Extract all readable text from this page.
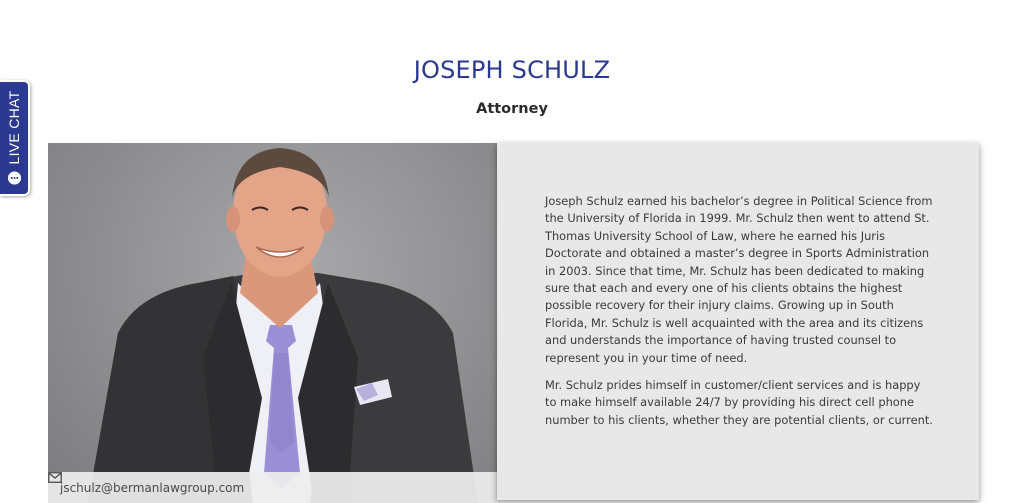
LIVE CHAT
JOSEPH SCHULZ
Attorney
jschulz@bermanlawgroup.com

Joseph Schulz earned his bachelor’s degree in Political Science from the University of Florida in 1999. Mr. Schulz then went to attend St. Thomas University School of Law, where he earned his Juris Doctorate and obtained a master’s degree in Sports Administration in 2003. Since that time, Mr. Schulz has been dedicated to making sure that each and every one of his clients obtains the highest possible recovery for their injury claims. Growing up in South Florida, Mr. Schulz is well acquainted with the area and its citizens and understands the importance of having trusted counsel to represent you in your time of need.

Mr. Schulz prides himself in customer/client services and is happy to make himself available 24/7 by providing his direct cell phone number to his clients, whether they are potential clients, or current.
